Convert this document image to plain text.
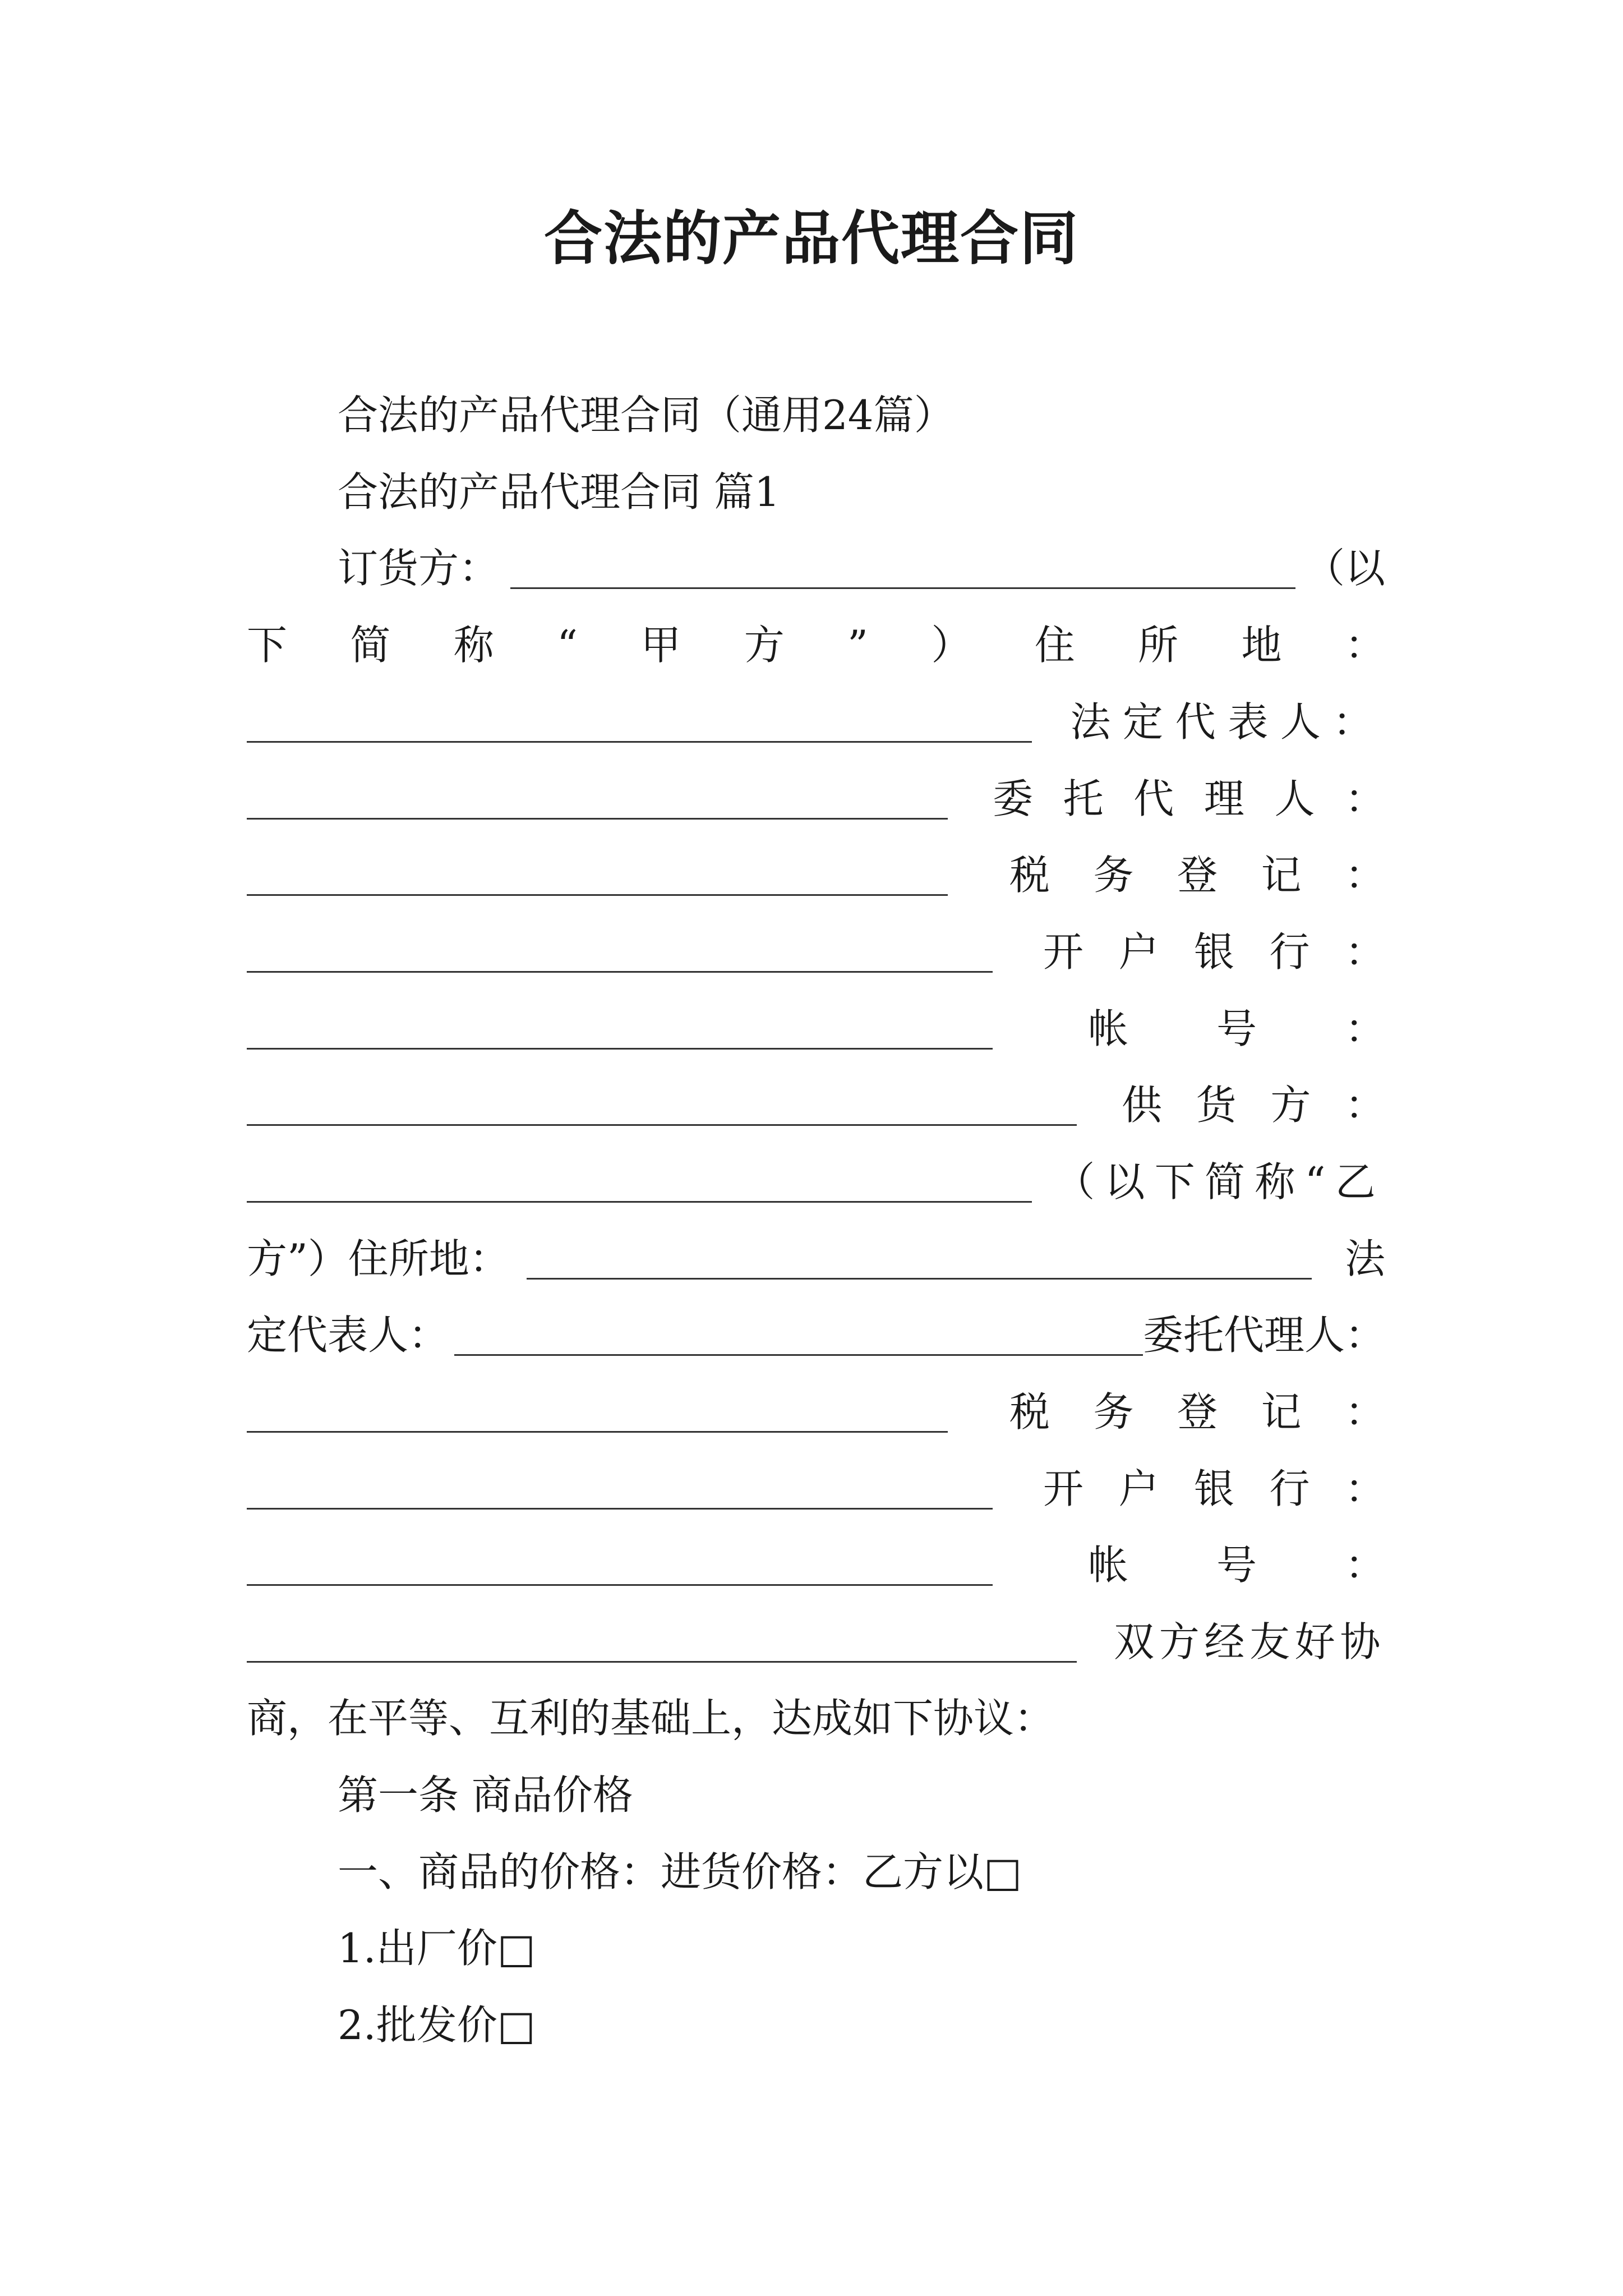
合法的产品代理合同
合法的产品代理合同（通用24篇）
合法的产品代理合同 篇1
订货方：	（以
下 简 称 “ 甲 方 ” ） 住 所 地 ：
法定代表人：
委 托 代 理 人 ：
税 务 登 记 ：
开 户 银 行 ：
帐 号 ：
供 货 方 ：
（以下简称“乙
方”）住所地：	法
定代表人：	委托代理人：
税 务 登 记 ：
开 户 银 行 ：
帐 号 ：
双方经友好协
商，在平等、互利的基础上，达成如下协议：
第一条 商品价格
一、商品的价格：进货价格：乙方以□
1.出厂价□
2.批发价□
